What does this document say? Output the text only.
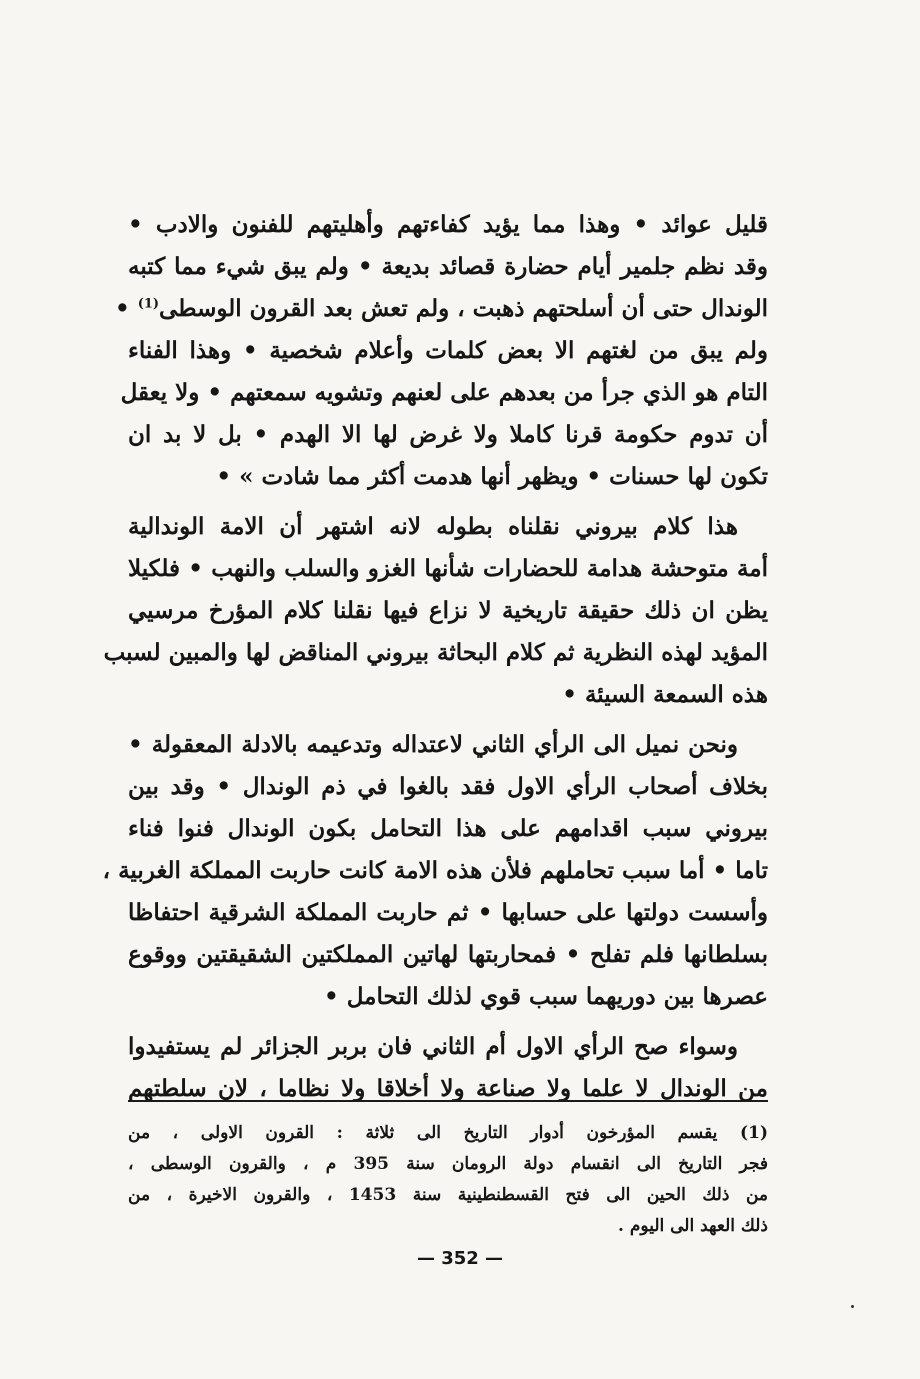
قليل عوائد • وهذا مما يؤيد كفاءتهم وأهليتهم للفنون والادب •
وقد نظم جلمير أيام حضارة قصائد بديعة • ولم يبق شيء مما كتبه
الوندال حتى أن أسلحتهم ذهبت ، ولم تعش بعد القرون الوسطى$^{(1)}$ •
ولم يبق من لغتهم الا بعض كلمات وأعلام شخصية • وهذا الفناء
التام هو الذي جرأ من بعدهم على لعنهم وتشويه سمعتهم • ولا يعقل
أن تدوم حكومة قرنا كاملا ولا غرض لها الا الهدم • بل لا بد ان
تكون لها حسنات • ويظهر أنها هدمت أكثر مما شادت » •
هذا كلام بيروني نقلناه بطوله لانه اشتهر أن الامة الوندالية
أمة متوحشة هدامة للحضارات شأنها الغزو والسلب والنهب • فلكيلا
يظن ان ذلك حقيقة تاريخية لا نزاع فيها نقلنا كلام المؤرخ مرسيي
المؤيد لهذه النظرية ثم كلام البحاثة بيروني المناقض لها والمبين لسبب
هذه السمعة السيئة •
ونحن نميل الى الرأي الثاني لاعتداله وتدعيمه بالادلة المعقولة •
بخلاف أصحاب الرأي الاول فقد بالغوا في ذم الوندال • وقد بين
بيروني سبب اقدامهم على هذا التحامل بكون الوندال فنوا فناء
تاما • أما سبب تحاملهم فلأن هذه الامة كانت حاربت المملكة الغربية ،
وأسست دولتها على حسابها • ثم حاربت المملكة الشرقية احتفاظا
بسلطانها فلم تفلح • فمحاربتها لهاتين المملكتين الشقيقتين ووقوع
عصرها بين دوريهما سبب قوي لذلك التحامل •
وسواء صح الرأي الاول أم الثاني فان بربر الجزائر لم يستفيدوا
من الوندال لا علما ولا صناعة ولا أخلاقا ولا نظاما ، لان سلطتهم
(1) يقسم المؤرخون أدوار التاريخ الى ثلاثة : القرون الاولى ، من
فجر التاريخ الى انقسام دولة الرومان سنة 395 م ، والقرون الوسطى ،
من ذلك الحين الى فتح القسطنطينية سنة 1453 ، والقرون الاخيرة ، من
ذلك العهد الى اليوم .
— 352 —
